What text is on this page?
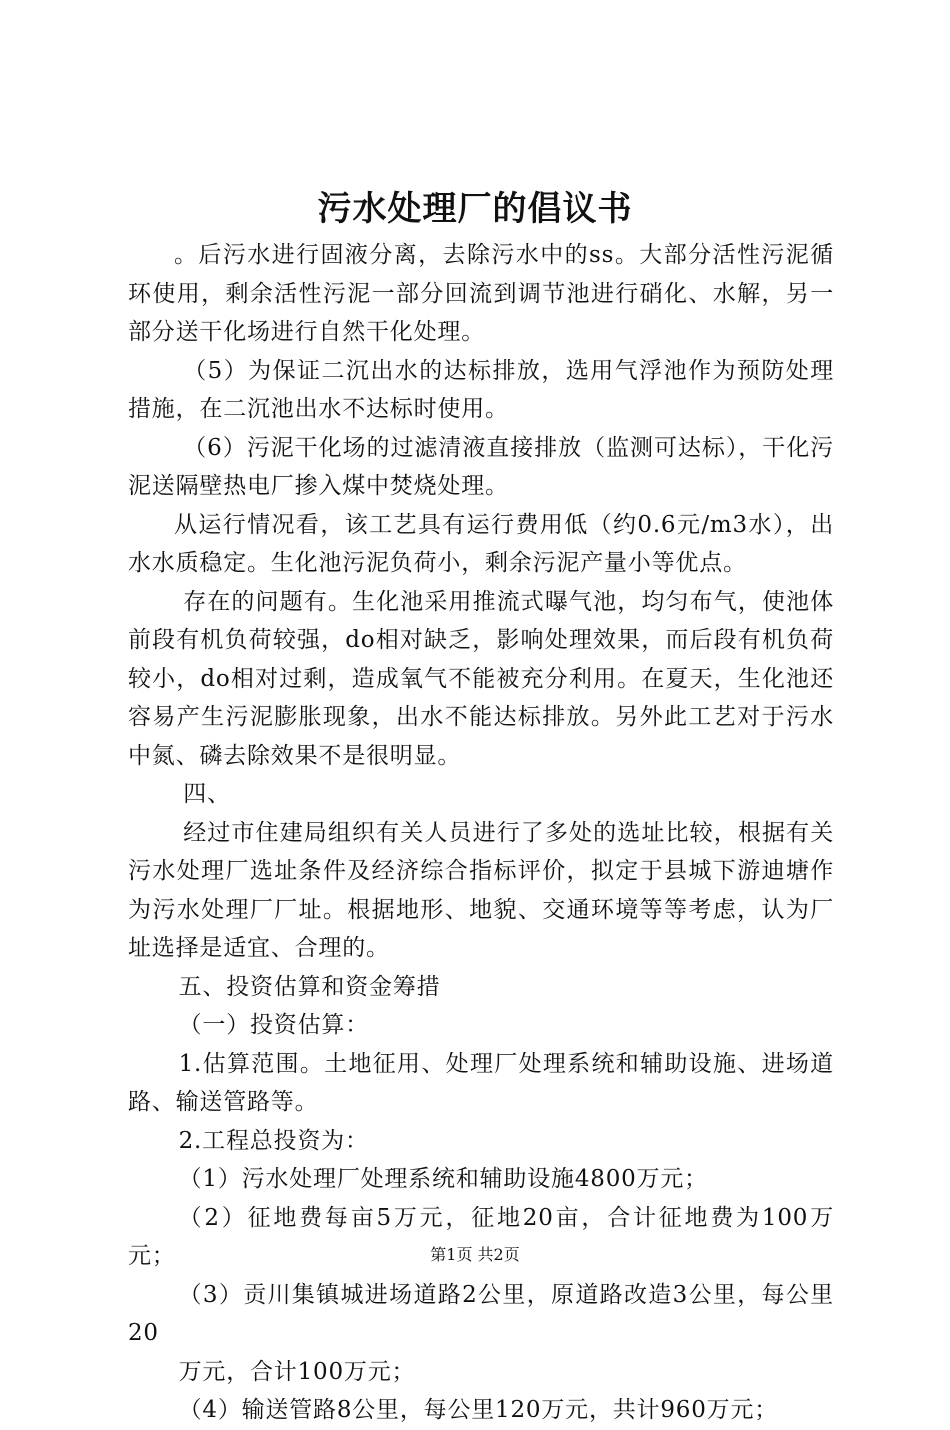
污水处理厂的倡议书

。后污水进行固液分离，去除污水中的ss。大部分活性污泥循环使用，剩余活性污泥一部分回流到调节池进行硝化、水解，另一部分送干化场进行自然干化处理。

（5）为保证二沉出水的达标排放，选用气浮池作为预防处理措施，在二沉池出水不达标时使用。

（6）污泥干化场的过滤清液直接排放（监测可达标），干化污泥送隔壁热电厂掺入煤中焚烧处理。

从运行情况看，该工艺具有运行费用低（约0.6元/m3水），出水水质稳定。生化池污泥负荷小，剩余污泥产量小等优点。

存在的问题有。生化池采用推流式曝气池，均匀布气，使池体前段有机负荷较强，do相对缺乏，影响处理效果，而后段有机负荷较小，do相对过剩，造成氧气不能被充分利用。在夏天，生化池还容易产生污泥膨胀现象，出水不能达标排放。另外此工艺对于污水中氮、磷去除效果不是很明显。

四、

经过市住建局组织有关人员进行了多处的选址比较，根据有关污水处理厂选址条件及经济综合指标评价，拟定于县城下游迪塘作为污水处理厂厂址。根据地形、地貌、交通环境等等考虑，认为厂址选择是适宜、合理的。

五、投资估算和资金筹措

（一）投资估算：

1.估算范围。土地征用、处理厂处理系统和辅助设施、进场道路、输送管路等。

2.工程总投资为：

（1）污水处理厂处理系统和辅助设施4800万元；

（2）征地费每亩5万元，征地20亩，合计征地费为100万元；

（3）贡川集镇城进场道路2公里，原道路改造3公里，每公里20

万元，合计100万元；

（4）输送管路8公里，每公里120万元，共计960万元；

第1页 共2页
